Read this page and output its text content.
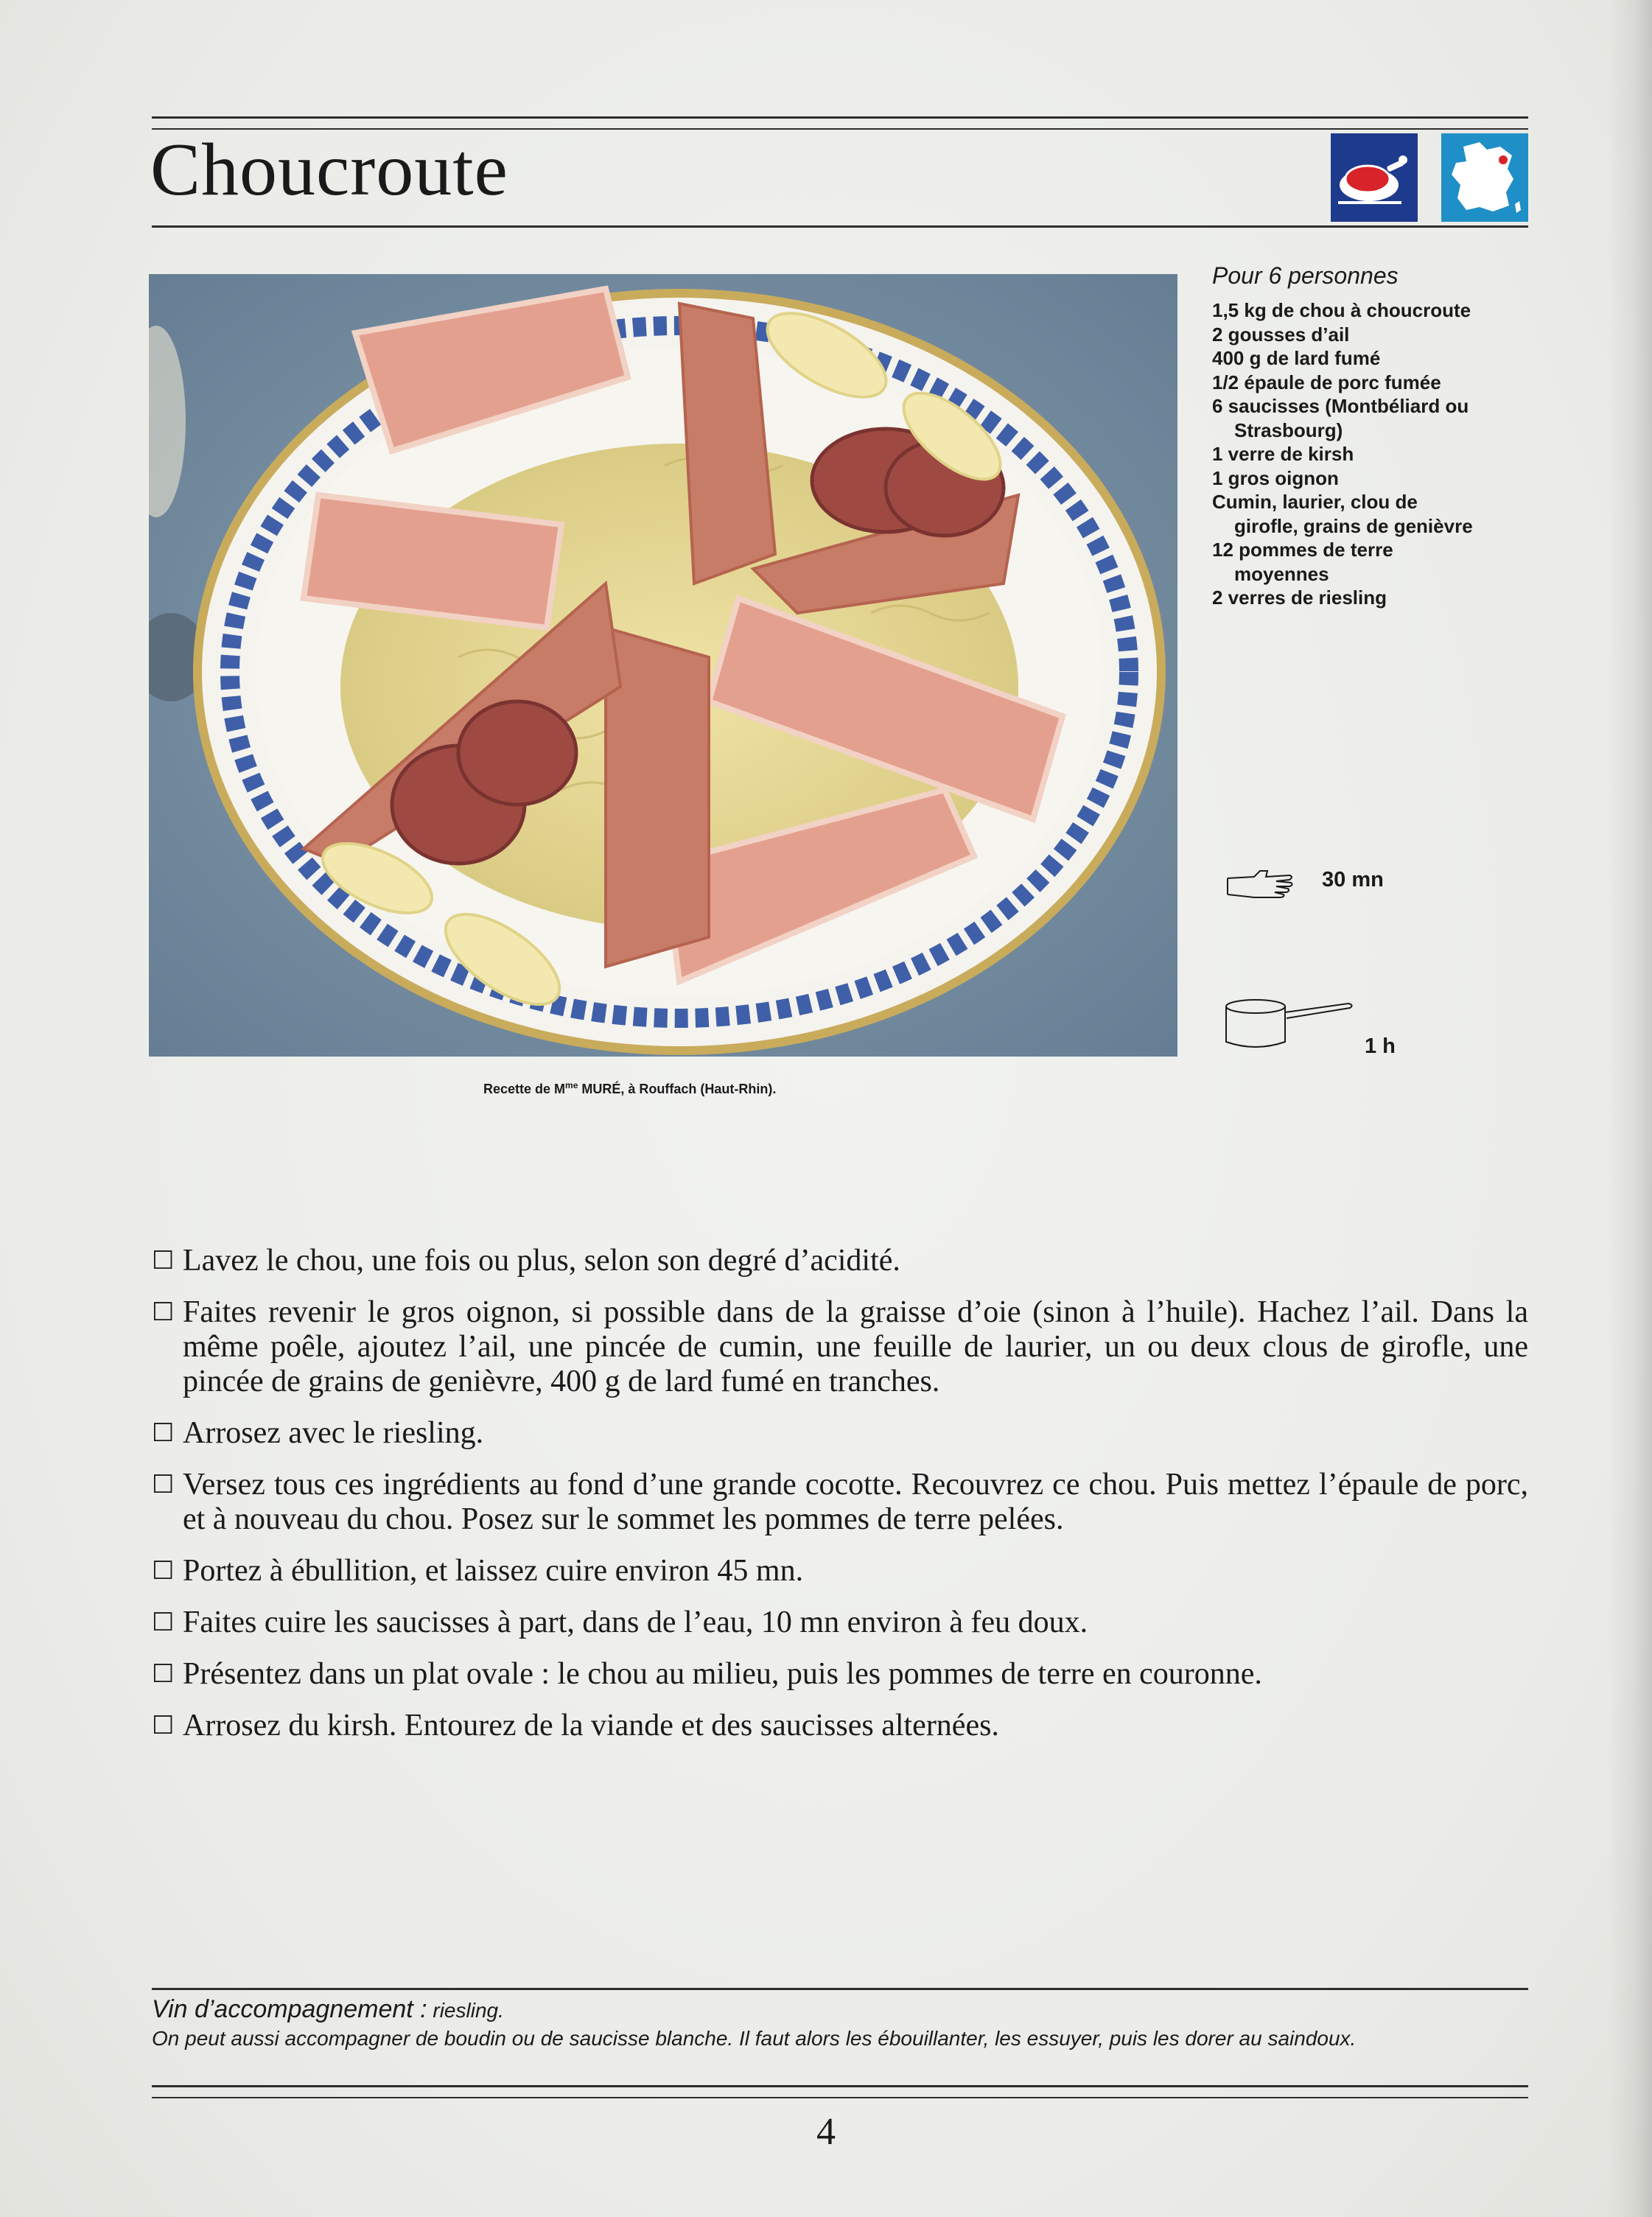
Choucroute
Recette de $M^{me}$ MURÉ, à Rouffach (Haut-Rhin).
Pour 6 personnes
1,5 kg de chou à choucroute
2 gousses d’ail
400 g de lard fumé
1/2 épaule de porc fumée
6 saucisses (Montbéliard ou
Strasbourg)
1 verre de kirsh
1 gros oignon
Cumin, laurier, clou de
girofle, grains de genièvre
12 pommes de terre
moyennes
2 verres de riesling
30 mn
1 h
☐ Lavez le chou, une fois ou plus, selon son degré d’acidité.
☐ Faites revenir le gros oignon, si possible dans de la graisse d’oie (sinon à l’huile). Hachez l’ail. Dans la même poêle, ajoutez l’ail, une pincée de cumin, une feuille de laurier, un ou deux clous de girofle, une pincée de grains de genièvre, 400 g de lard fumé en tranches.
☐ Arrosez avec le riesling.
☐ Versez tous ces ingrédients au fond d’une grande cocotte. Recouvrez ce chou. Puis mettez l’épaule de porc, et à nouveau du chou. Posez sur le sommet les pommes de terre pelées.
☐ Portez à ébullition, et laissez cuire environ 45 mn.
☐ Faites cuire les saucisses à part, dans de l’eau, 10 mn environ à feu doux.
☐ Présentez dans un plat ovale : le chou au milieu, puis les pommes de terre en couronne.
☐ Arrosez du kirsh. Entourez de la viande et des saucisses alternées.
Vin d’accompagnement : riesling.
On peut aussi accompagner de boudin ou de saucisse blanche. Il faut alors les ébouillanter, les essuyer, puis les dorer au saindoux.
4
